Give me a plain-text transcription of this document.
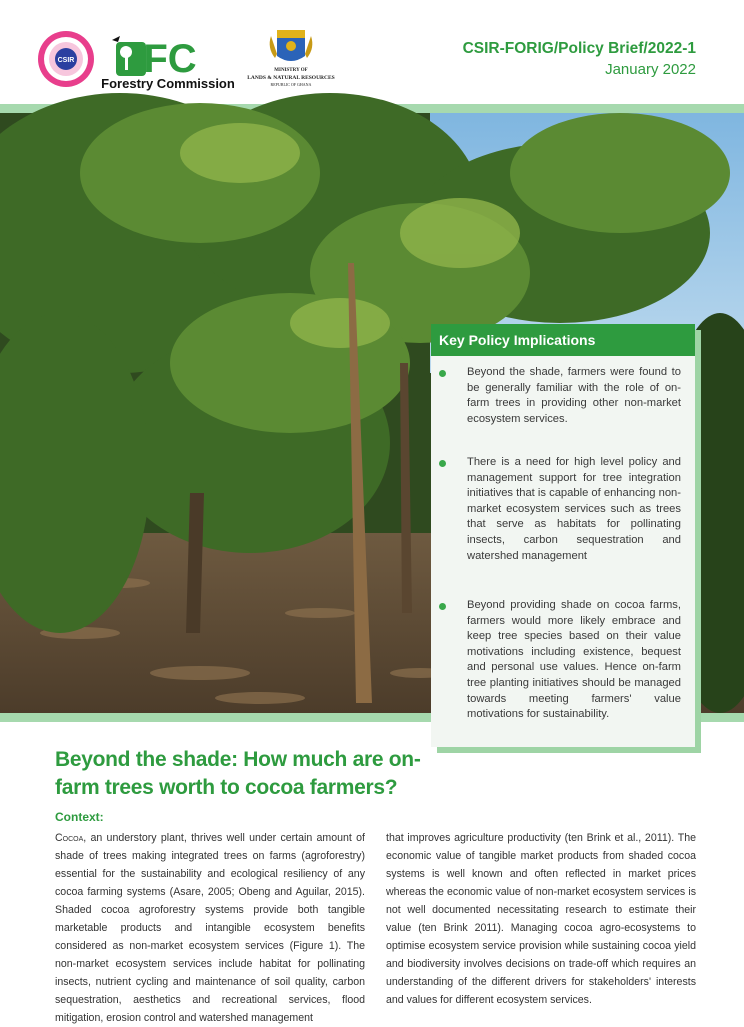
CSIR FC
Forestry Commission
MINISTRY OF
LANDS & NATURAL RESOURCES
REPUBLIC OF GHANA
CSIR-FORIG/Policy Brief/2022-1
January 2022
Key Policy Implications
Beyond the shade, farmers were found to be generally familiar with the role of on-farm trees in providing other non-market ecosystem services.
There is a need for high level policy and management support for tree integration initiatives that is capable of enhancing non-market ecosystem services such as trees that serve as habitats for pollinating insects, carbon sequestration and watershed management
Beyond providing shade on cocoa farms, farmers would more likely embrace and keep tree species based on their value motivations including existence, bequest and personal use values. Hence on-farm tree planting initiatives should be managed towards meeting farmers' value motivations for sustainability.
Beyond the shade: How much are on-farm trees worth to cocoa farmers?
Context:
Cocoa, an understory plant, thrives well under certain amount of shade of trees making integrated trees on farms (agroforestry) essential for the sustainability and ecological resiliency of any cocoa farming systems (Asare, 2005; Obeng and Aguilar, 2015). Shaded cocoa agroforestry systems provide both tangible marketable products and intangible ecosystem benefits considered as non-market ecosystem services (Figure 1). The non-market ecosystem services include habitat for pollinating insects, nutrient cycling and maintenance of soil quality, carbon sequestration, aesthetics and recreational services, flood mitigation, erosion control and watershed management
that improves agriculture productivity (ten Brink et al., 2011). The economic value of tangible market products from shaded cocoa systems is well known and often reflected in market prices whereas the economic value of non-market ecosystem services is not well documented necessitating research to estimate their value (ten Brink 2011). Managing cocoa agro-ecosystems to optimise ecosystem service provision while sustaining cocoa yield and biodiversity involves decisions on trade-off which requires an understanding of the different drivers for stakeholders' interests and values for different ecosystem services.
